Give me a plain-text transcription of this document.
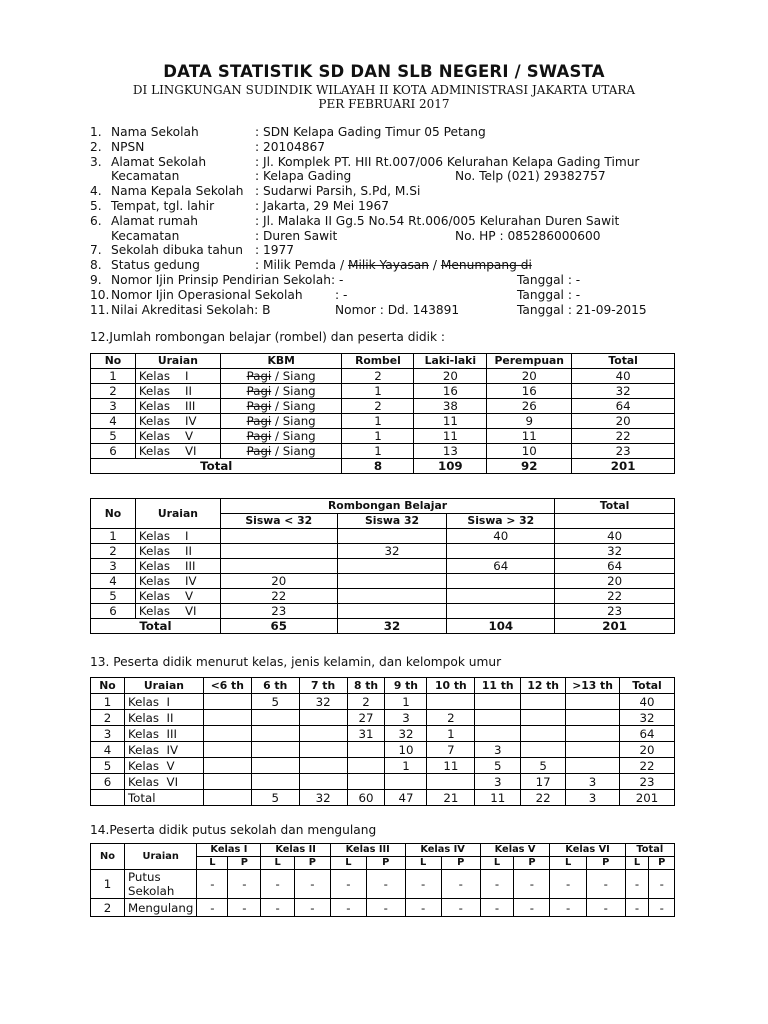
DATA STATISTIK SD DAN SLB NEGERI / SWASTA
DI LINGKUNGAN SUDINDIK WILAYAH II KOTA ADMINISTRASI JAKARTA UTARA
PER FEBRUARI 2017
1. Nama Sekolah	: SDN Kelapa Gading Timur 05 Petang
2. NPSN	: 20104867
3. Alamat Sekolah	: Jl. Komplek PT. HII Rt.007/006 Kelurahan Kelapa Gading Timur
Kecamatan	: Kelapa Gading	No. Telp (021) 29382757
4. Nama Kepala Sekolah : Sudarwi Parsih, S.Pd, M.Si
5. Tempat, tgl. lahir	: Jakarta, 29 Mei 1967
6. Alamat rumah	: Jl. Malaka II Gg.5 No.54 Rt.006/005 Kelurahan Duren Sawit
Kecamatan	: Duren Sawit	No. HP : 085286000600
7. Sekolah dibuka tahun : 1977
8. Status gedung	: Milik Pemda / Milik Yayasan / Menumpang di
9. Nomor Ijin Prinsip Pendirian Sekolah: -	Tanggal : -
10. Nomor Ijin Operasional Sekolah	: -	Tanggal : -
11. Nilai Akreditasi Sekolah: B	Nomor : Dd. 143891	Tanggal : 21-09-2015
12.Jumlah rombongan belajar (rombel) dan peserta didik :
No	Uraian	KBM	Rombel	Laki-laki	Perempuan	Total
1	Kelas    I	Pagi / Siang	2	20	20	40
2	Kelas    II	Pagi / Siang	1	16	16	32
3	Kelas    III	Pagi / Siang	2	38	26	64
4	Kelas    IV	Pagi / Siang	1	11	9	20
5	Kelas    V	Pagi / Siang	1	11	11	22
6	Kelas    VI	Pagi / Siang	1	13	10	23
Total			8	109	92	201
No	Uraian	Rombongan Belajar			Total
		Siswa < 32	Siswa 32	Siswa > 32	
1	Kelas    I			40	40
2	Kelas    II		32		32
3	Kelas    III			64	64
4	Kelas    IV	20			20
5	Kelas    V	22			22
6	Kelas    VI	23			23
Total		65	32	104	201
13. Peserta didik menurut kelas, jenis kelamin, dan kelompok umur
No	Uraian	<6 th	6 th	7 th	8 th	9 th	10 th	11 th	12 th	>13 th	Total
1	Kelas  I		5	32	2	1					40
2	Kelas  II				27	3	2				32
3	Kelas  III				31	32	1				64
4	Kelas  IV					10	7	3			20
5	Kelas  V					1	11	5	5		22
6	Kelas  VI							3	17	3	23
	Total		5	32	60	47	21	11	22	3	201
14.Peserta didik putus sekolah dan mengulang
No	Uraian	Kelas I		Kelas II		Kelas III		Kelas IV		Kelas V		Kelas VI		Total	
		L	P	L	P	L	P	L	P	L	P	L	P	L	P
1	Putus Sekolah	-	-	-	-	-	-	-	-	-	-	-	-	-	-
2	Mengulang	-	-	-	-	-	-	-	-	-	-	-	-	-	-
